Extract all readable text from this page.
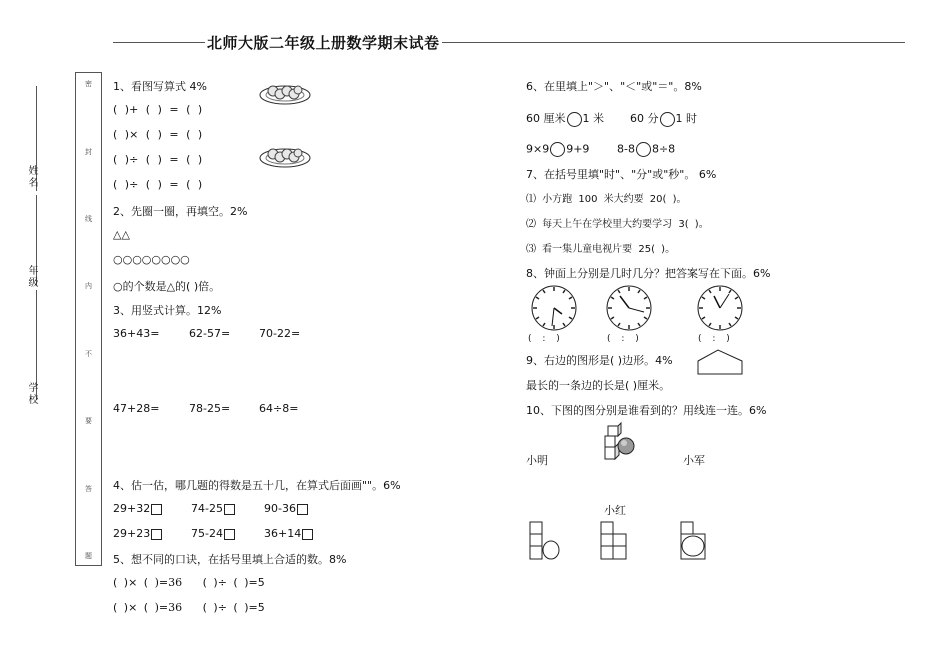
北师大版二年级上册数学期末试卷
姓名
年级
学校
密
封
线
内
不
要
答
题
1、看图写算式 4%
( )+ ( ) = ( )
( )× ( ) = ( )
( )÷ ( ) = ( )
( )÷ ( ) = ( )
2、先圈一圈，再填空。2%
△△
○○○○○○○○
○的个数是△的( )倍。
3、用竖式计算。12%
36+43=	62-57=	70-22=
47+28=	78-25=	64÷8=
4、估一估，哪几题的得数是五十几，在算式后面画""。6%
29+32	74-25	90-36
29+23	75-24	36+14
5、想不同的口诀，在括号里填上合适的数。8%
( )× ( )=36 ( )÷ ( )=5
( )× ( )=36 ( )÷ ( )=5
6、在里填上"＞"、"＜"或"＝"。8%
60 厘米 1 米 60 分 1 时
9×9 9+9	8-8 8÷8
7、在括号里填"时"、"分"或"秒"。 6%
⑴ 小方跑 100 米大约要 20( )。
⑵ 每天上午在学校里大约要学习 3( )。
⑶ 看一集儿童电视片要 25( )。
8、钟面上分别是几时几分？把答案写在下面。6%
( : )	( : )	( : )
9、右边的图形是( )边形。4%
最长的一条边的长是( )厘米。
10、下图的图分别是谁看到的？用线连一连。6%
小明	小军
小红
